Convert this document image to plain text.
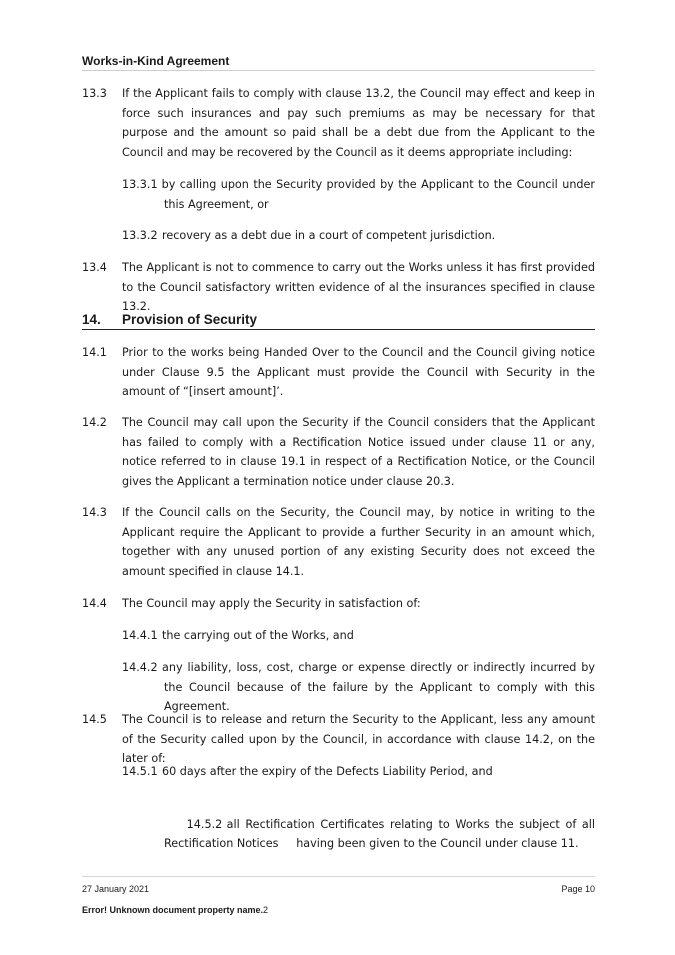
Works-in-Kind Agreement
13.3	If the Applicant fails to comply with clause 13.2, the Council may effect and keep in force such insurances and pay such premiums as may be necessary for that purpose and the amount so paid shall be a debt due from the Applicant to the Council and may be recovered by the Council as it deems appropriate including:
13.3.1 by calling upon the Security provided by the Applicant to the Council under this Agreement, or
13.3.2 recovery as a debt due in a court of competent jurisdiction.
13.4	The Applicant is not to commence to carry out the Works unless it has first provided to the Council satisfactory written evidence of al the insurances specified in clause 13.2.
14. Provision of Security
14.1	Prior to the works being Handed Over to the Council and the Council giving notice under Clause 9.5 the Applicant must provide the Council with Security in the amount of “[insert amount]’.
14.2	The Council may call upon the Security if the Council considers that the Applicant has failed to comply with a Rectification Notice issued under clause 11 or any, notice referred to in clause 19.1 in respect of a Rectification Notice, or the Council gives the Applicant a termination notice under clause 20.3.
14.3	If the Council calls on the Security, the Council may, by notice in writing to the Applicant require the Applicant to provide a further Security in an amount which, together with any unused portion of any existing Security does not exceed the amount specified in clause 14.1.
14.4	The Council may apply the Security in satisfaction of:
14.4.1 the carrying out of the Works, and
14.4.2 any liability, loss, cost, charge or expense directly or indirectly incurred by the Council because of the failure by the Applicant to comply with this Agreement.
14.5	The Council is to release and return the Security to the Applicant, less any amount of the Security called upon by the Council, in accordance with clause 14.2, on the later of:
14.5.1 60 days after the expiry of the Defects Liability Period, and

14.5.2 all Rectification Certificates relating to Works the subject of all Rectification Notices     having been given to the Council under clause 11.

27 January 2021	Page 10
Error! Unknown document property name.2
